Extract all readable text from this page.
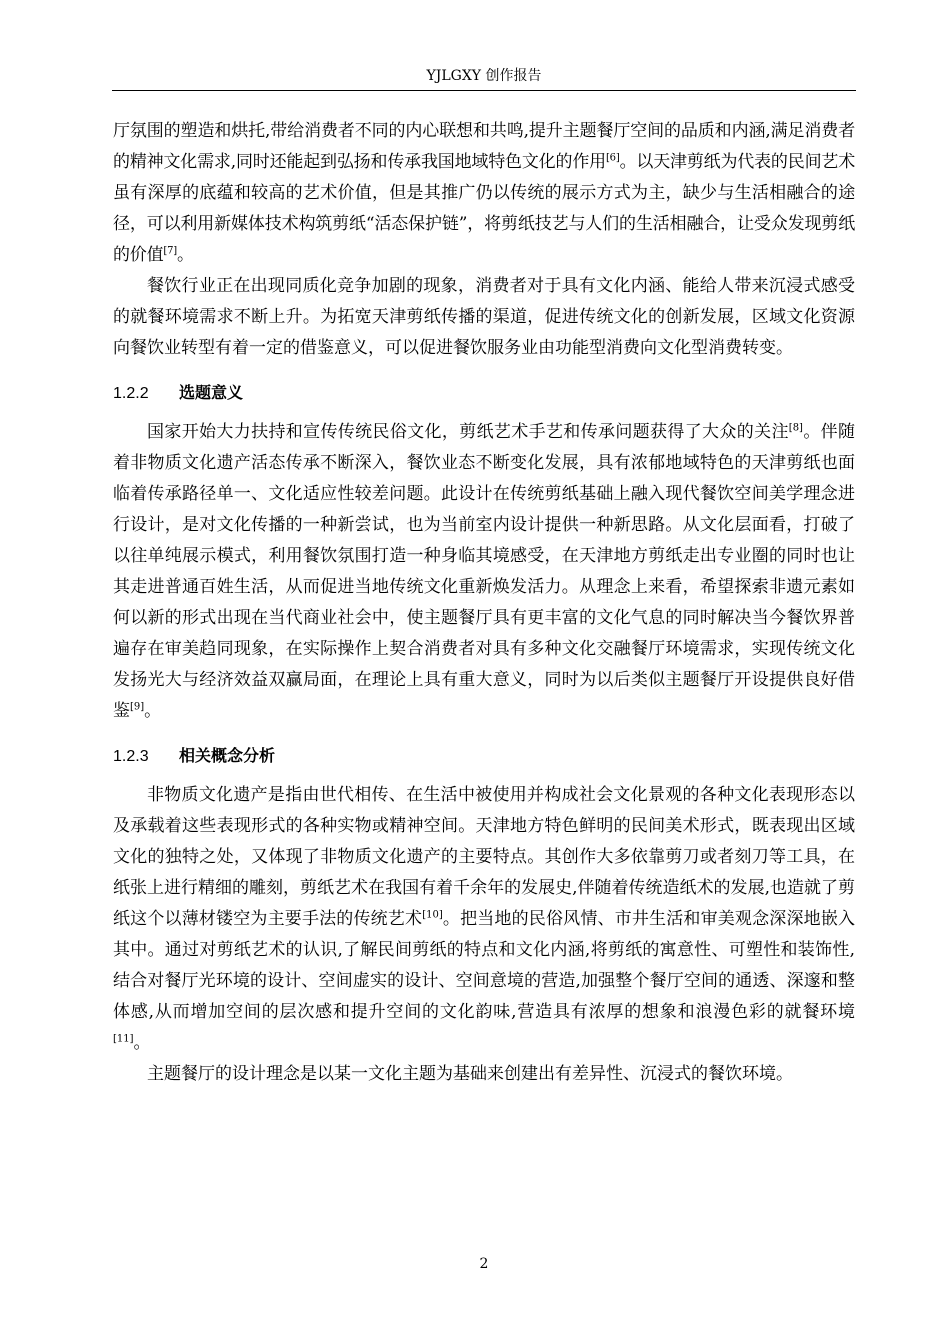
YJLGXY 创作报告

厅氛围的塑造和烘托,带给消费者不同的内心联想和共鸣,提升主题餐厅空间的品质和内涵,满足消费者的精神文化需求,同时还能起到弘扬和传承我国地域特色文化的作用[6]。以天津剪纸为代表的民间艺术虽有深厚的底蕴和较高的艺术价值，但是其推广仍以传统的展示方式为主，缺少与生活相融合的途径，可以利用新媒体技术构筑剪纸“活态保护链”，将剪纸技艺与人们的生活相融合，让受众发现剪纸的价值[7]。

餐饮行业正在出现同质化竞争加剧的现象，消费者对于具有文化内涵、能给人带来沉浸式感受的就餐环境需求不断上升。为拓宽天津剪纸传播的渠道，促进传统文化的创新发展，区域文化资源向餐饮业转型有着一定的借鉴意义，可以促进餐饮服务业由功能型消费向文化型消费转变。

1.2.2 选题意义

国家开始大力扶持和宣传传统民俗文化，剪纸艺术手艺和传承问题获得了大众的关注[8]。伴随着非物质文化遗产活态传承不断深入，餐饮业态不断变化发展，具有浓郁地域特色的天津剪纸也面临着传承路径单一、文化适应性较差问题。此设计在传统剪纸基础上融入现代餐饮空间美学理念进行设计，是对文化传播的一种新尝试，也为当前室内设计提供一种新思路。从文化层面看，打破了以往单纯展示模式，利用餐饮氛围打造一种身临其境感受，在天津地方剪纸走出专业圈的同时也让其走进普通百姓生活，从而促进当地传统文化重新焕发活力。从理念上来看，希望探索非遗元素如何以新的形式出现在当代商业社会中，使主题餐厅具有更丰富的文化气息的同时解决当今餐饮界普遍存在审美趋同现象，在实际操作上契合消费者对具有多种文化交融餐厅环境需求，实现传统文化发扬光大与经济效益双赢局面，在理论上具有重大意义，同时为以后类似主题餐厅开设提供良好借鉴[9]。

1.2.3 相关概念分析

非物质文化遗产是指由世代相传、在生活中被使用并构成社会文化景观的各种文化表现形态以及承载着这些表现形式的各种实物或精神空间。天津地方特色鲜明的民间美术形式，既表现出区域文化的独特之处，又体现了非物质文化遗产的主要特点。其创作大多依靠剪刀或者刻刀等工具，在纸张上进行精细的雕刻，剪纸艺术在我国有着千余年的发展史,伴随着传统造纸术的发展,也造就了剪纸这个以薄材镂空为主要手法的传统艺术[10]。把当地的民俗风情、市井生活和审美观念深深地嵌入其中。通过对剪纸艺术的认识,了解民间剪纸的特点和文化内涵,将剪纸的寓意性、可塑性和装饰性,结合对餐厅光环境的设计、空间虚实的设计、空间意境的营造,加强整个餐厅空间的通透、深邃和整体感,从而增加空间的层次感和提升空间的文化韵味,营造具有浓厚的想象和浪漫色彩的就餐环境[11]。

主题餐厅的设计理念是以某一文化主题为基础来创建出有差异性、沉浸式的餐饮环境。

2
